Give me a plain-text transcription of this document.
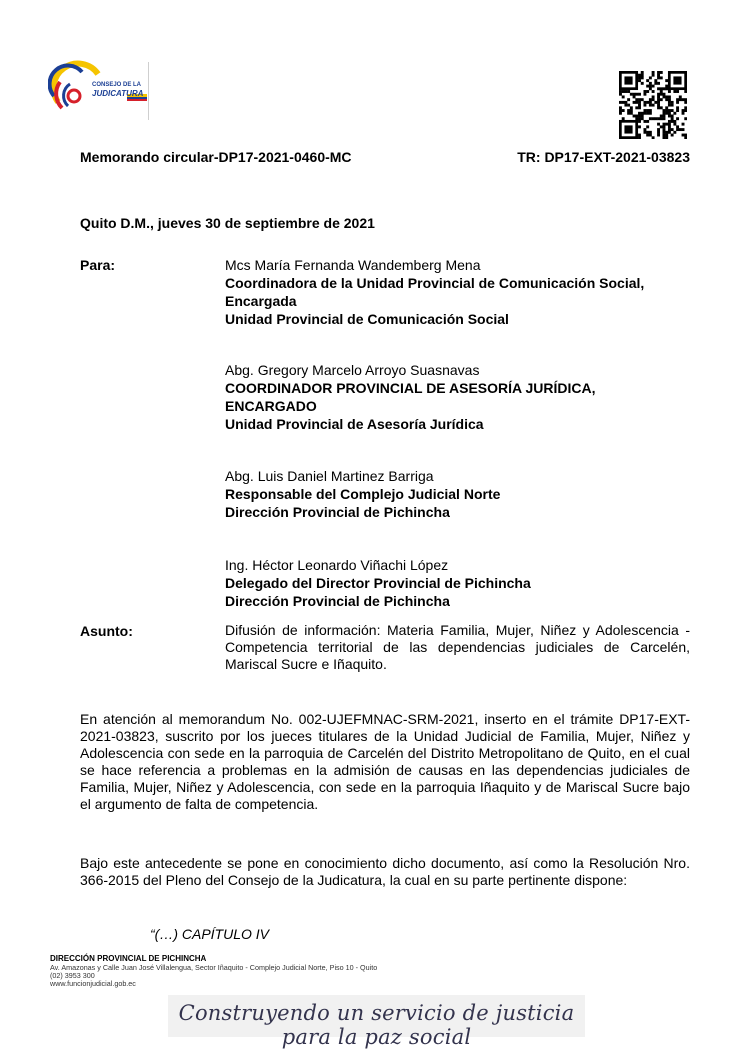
CONSEJO DE LA
JUDICATURA
Memorando circular-DP17-2021-0460-MC	TR: DP17-EXT-2021-03823
Quito D.M., jueves 30 de septiembre de 2021
Para:	Mcs María Fernanda Wandemberg Mena
Coordinadora de la Unidad Provincial de Comunicación Social,
Encargada
Unidad Provincial de Comunicación Social
Abg. Gregory Marcelo Arroyo Suasnavas
COORDINADOR PROVINCIAL DE ASESORÍA JURÍDICA,
ENCARGADO
Unidad Provincial de Asesoría Jurídica
Abg. Luis Daniel Martinez Barriga
Responsable del Complejo Judicial Norte
Dirección Provincial de Pichincha
Ing. Héctor Leonardo Viñachi López
Delegado del Director Provincial de Pichincha
Dirección Provincial de Pichincha
Asunto:	Difusión de información: Materia Familia, Mujer, Niñez y Adolescencia - Competencia territorial de las dependencias judiciales de Carcelén, Mariscal Sucre e Iñaquito.
En atención al memorandum No. 002-UJEFMNAC-SRM-2021, inserto en el trámite DP17-EXT-2021-03823, suscrito por los jueces titulares de la Unidad Judicial de Familia, Mujer, Niñez y Adolescencia con sede en la parroquia de Carcelén del Distrito Metropolitano de Quito, en el cual se hace referencia a problemas en la admisión de causas en las dependencias judiciales de Familia, Mujer, Niñez y Adolescencia, con sede en la parroquia Iñaquito y de Mariscal Sucre bajo el argumento de falta de competencia.
Bajo este antecedente se pone en conocimiento dicho documento, así como la Resolución Nro. 366-2015 del Pleno del Consejo de la Judicatura, la cual en su parte pertinente dispone:
“(…) CAPÍTULO IV
DIRECCIÓN PROVINCIAL DE PICHINCHA
Av. Amazonas y Calle Juan José Villalengua, Sector Iñaquito - Complejo Judicial Norte, Piso 10 - Quito
(02) 3953 300
www.funcionjudicial.gob.ec
Construyendo un servicio de justicia para la paz social
